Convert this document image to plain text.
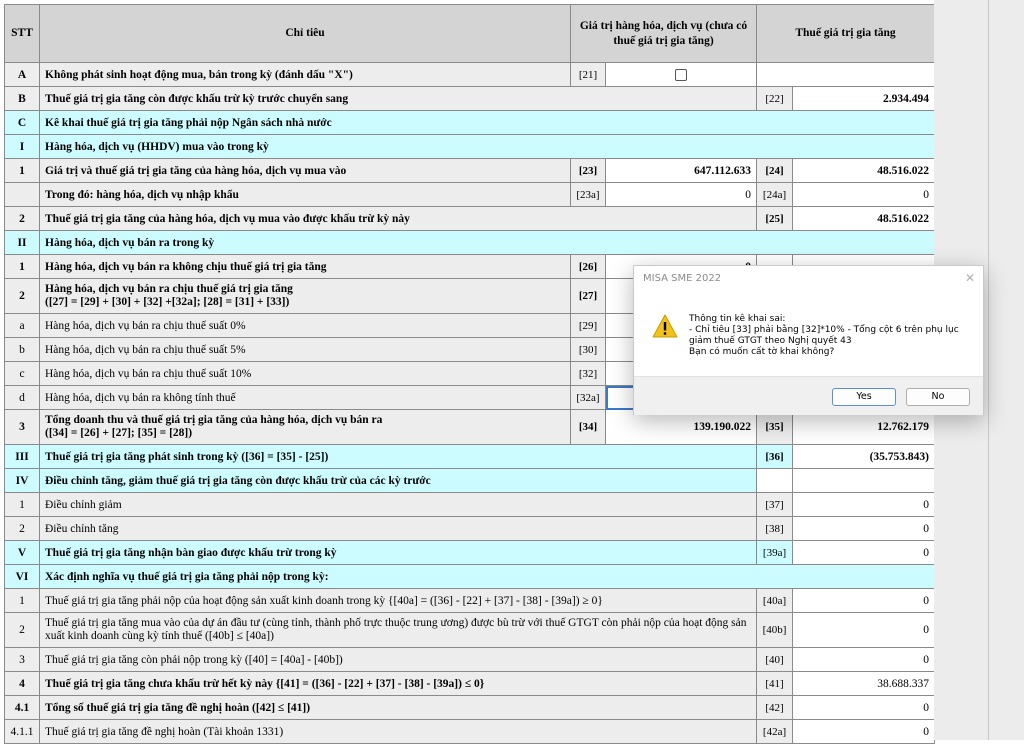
STT	Chỉ tiêu	Giá trị hàng hóa, dịch vụ (chưa có thuế giá trị gia tăng)		Thuế giá trị gia tăng	
A	Không phát sinh hoạt động mua, bán trong kỳ (đánh dấu "X")	[21]			
B	Thuế giá trị gia tăng còn được khấu trừ kỳ trước chuyển sang			[22]	2.934.494
C	Kê khai thuế giá trị gia tăng phải nộp Ngân sách nhà nước				
I	Hàng hóa, dịch vụ (HHDV) mua vào trong kỳ				
1	Giá trị và thuế giá trị gia tăng của hàng hóa, dịch vụ mua vào	[23]	647.112.633	[24]	48.516.022
	Trong đó: hàng hóa, dịch vụ nhập khẩu	[23a]	0	[24a]	0
2	Thuế giá trị gia tăng của hàng hóa, dịch vụ mua vào được khấu trừ kỳ này			[25]	48.516.022
II	Hàng hóa, dịch vụ bán ra trong kỳ				
1	Hàng hóa, dịch vụ bán ra không chịu thuế giá trị gia tăng	[26]			
2	Hàng hóa, dịch vụ bán ra chịu thuế giá trị gia tăng
([27] = [29] + [30] + [32] +[32a]; [28] = [31] + [33])	[27]			
a	Hàng hóa, dịch vụ bán ra chịu thuế suất 0%	[29]			
b	Hàng hóa, dịch vụ bán ra chịu thuế suất 5%	[30]			
c	Hàng hóa, dịch vụ bán ra chịu thuế suất 10%	[32]			
d	Hàng hóa, dịch vụ bán ra không tính thuế	[32a]			
3	Tổng doanh thu và thuế giá trị gia tăng của hàng hóa, dịch vụ bán ra
([34] = [26] + [27]; [35] = [28])	[34]	139.190.022	[35]	12.762.179
III	Thuế giá trị gia tăng phát sinh trong kỳ ([36] = [35] - [25])			[36]	(35.753.843)
IV	Điều chỉnh tăng, giảm thuế giá trị gia tăng còn được khấu trừ của các kỳ trước				
1	Điều chỉnh giảm			[37]	0
2	Điều chỉnh tăng			[38]	0
V	Thuế giá trị gia tăng nhận bàn giao được khấu trừ trong kỳ			[39a]	0
VI	Xác định nghĩa vụ thuế giá trị gia tăng phải nộp trong kỳ:				
1	Thuế giá trị gia tăng phải nộp của hoạt động sản xuất kinh doanh trong kỳ {[40a] = ([36] - [22] + [37] - [38] - [39a]) ≥ 0}			[40a]	0
2	Thuế giá trị gia tăng mua vào của dự án đầu tư (cùng tỉnh, thành phố trực thuộc trung ương) được bù trừ với thuế GTGT còn phải nộp của hoạt động sản xuất kinh doanh cùng kỳ tính thuế ([40b] ≤ [40a])			[40b]	0
3	Thuế giá trị gia tăng còn phải nộp trong kỳ ([40] = [40a] - [40b])			[40]	0
4	Thuế giá trị gia tăng chưa khấu trừ hết kỳ này {[41] = ([36] - [22] + [37] - [38] - [39a]) ≤ 0}			[41]	38.688.337
4.1	Tổng số thuế giá trị gia tăng đề nghị hoàn ([42] ≤ [41])			[42]	0
4.1.1	Thuế giá trị gia tăng đề nghị hoàn (Tài khoản 1331)			[42a]	0
MISA SME 2022	✕
Thông tin kê khai sai:
- Chỉ tiêu [33] phải bằng [32]*10% - Tổng cột 6 trên phụ lục giảm thuế GTGT theo Nghị quyết 43
Bạn có muốn cất tờ khai không?
Yes	No
